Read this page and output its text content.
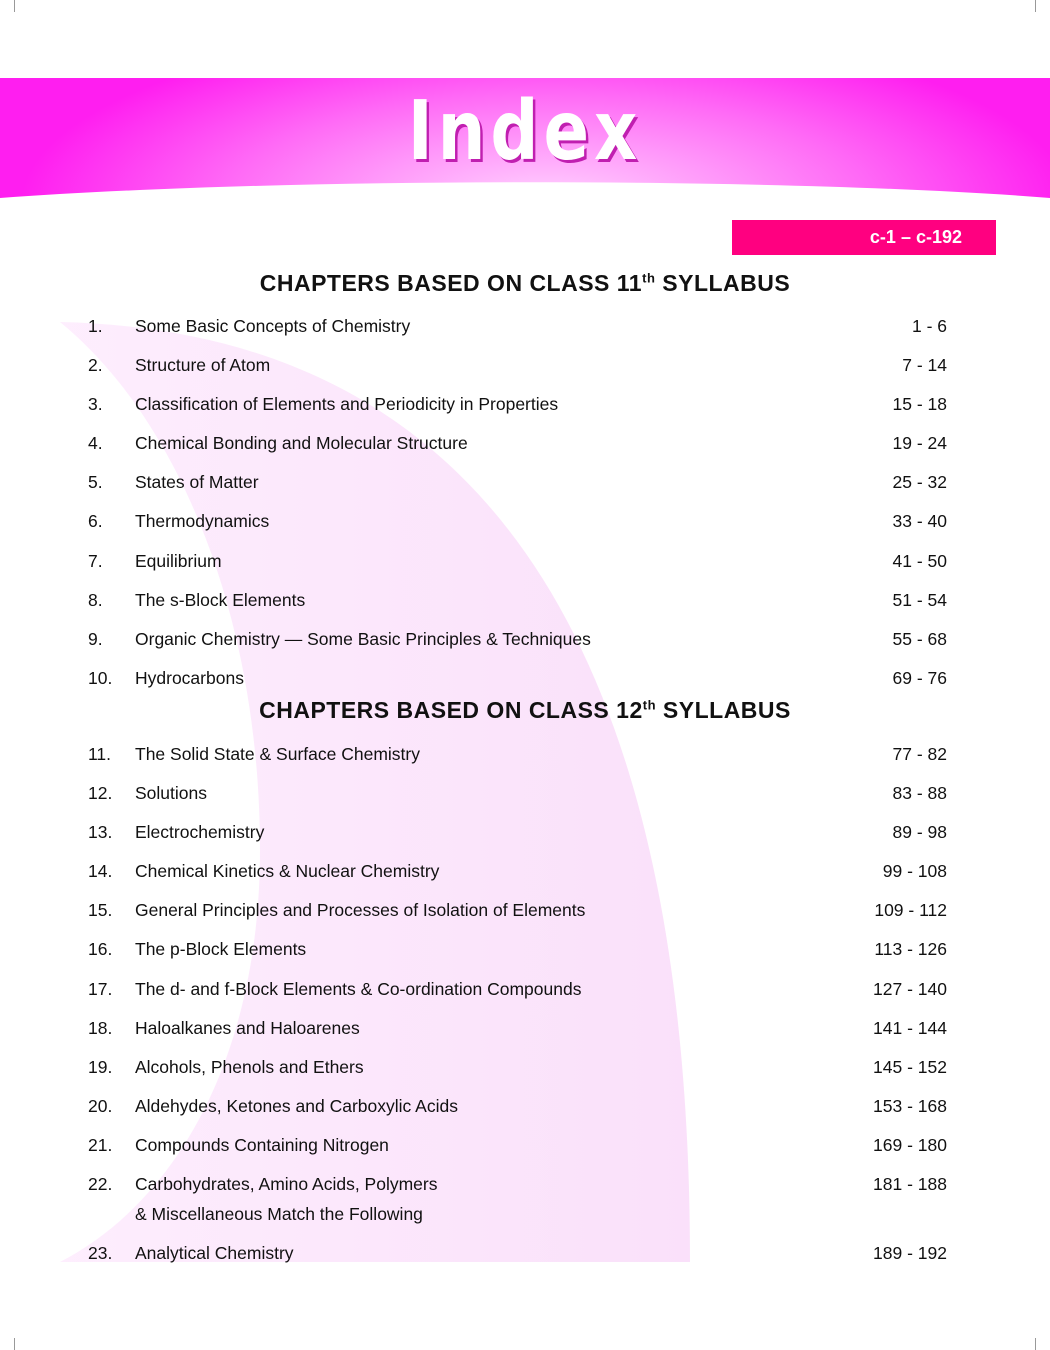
Index
c-1 – c-192
CHAPTERS BASED ON CLASS 11th SYLLABUS
1. Some Basic Concepts of Chemistry	1 - 6
2. Structure of Atom	7 - 14
3. Classification of Elements and Periodicity in Properties	15 - 18
4. Chemical Bonding and Molecular Structure	19 - 24
5. States of Matter	25 - 32
6. Thermodynamics	33 - 40
7. Equilibrium	41 - 50
8. The s-Block Elements	51 - 54
9. Organic Chemistry — Some Basic Principles & Techniques	55 - 68
10. Hydrocarbons	69 - 76
CHAPTERS BASED ON CLASS 12th SYLLABUS
11. The Solid State & Surface Chemistry	77 - 82
12. Solutions	83 - 88
13. Electrochemistry	89 - 98
14. Chemical Kinetics & Nuclear Chemistry	99 - 108
15. General Principles and Processes of Isolation of Elements	109 - 112
16. The p-Block Elements	113 - 126
17. The d- and f-Block Elements & Co-ordination Compounds	127 - 140
18. Haloalkanes and Haloarenes	141 - 144
19. Alcohols, Phenols and Ethers	145 - 152
20. Aldehydes, Ketones and Carboxylic Acids	153 - 168
21. Compounds Containing Nitrogen	169 - 180
22. Carbohydrates, Amino Acids, Polymers	181 - 188
& Miscellaneous Match the Following
23. Analytical Chemistry	189 - 192
